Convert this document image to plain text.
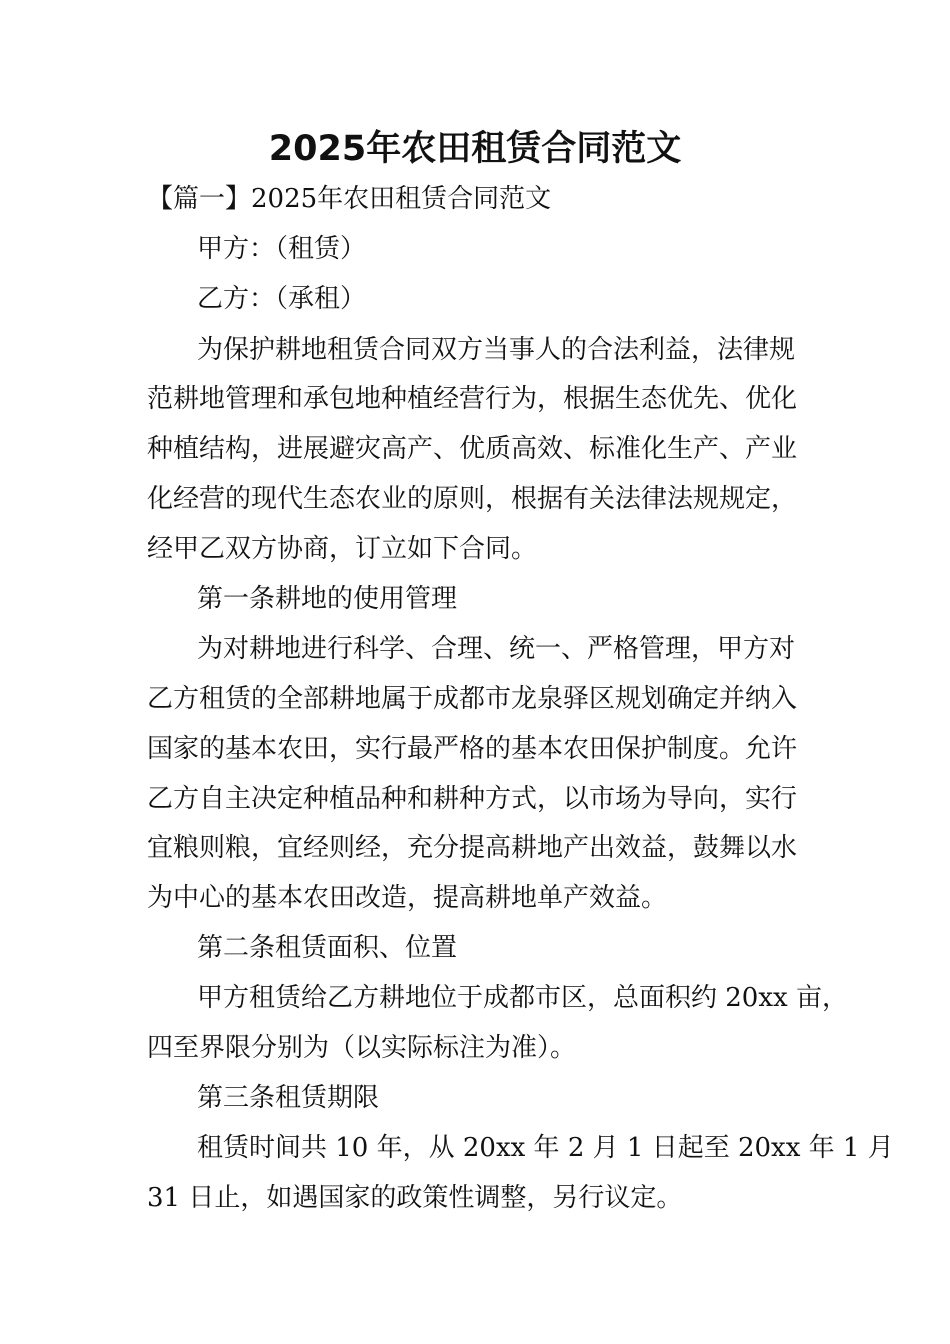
2025年农田租赁合同范文
【篇一】2025年农田租赁合同范文
甲方：（租赁）
乙方：（承租）
为保护耕地租赁合同双方当事人的合法利益，法律规
范耕地管理和承包地种植经营行为，根据生态优先、优化
种植结构，进展避灾高产、优质高效、标准化生产、产业
化经营的现代生态农业的原则，根据有关法律法规规定，
经甲乙双方协商，订立如下合同。
第一条耕地的使用管理
为对耕地进行科学、合理、统一、严格管理，甲方对
乙方租赁的全部耕地属于成都市龙泉驿区规划确定并纳入
国家的基本农田，实行最严格的基本农田保护制度。允许
乙方自主决定种植品种和耕种方式，以市场为导向，实行
宜粮则粮，宜经则经，充分提高耕地产出效益，鼓舞以水
为中心的基本农田改造，提高耕地单产效益。
第二条租赁面积、位置
甲方租赁给乙方耕地位于成都市区，总面积约 20xx 亩，
四至界限分别为（以实际标注为准）。
第三条租赁期限
租赁时间共 10 年，从 20xx 年 2 月 1 日起至 20xx 年 1 月
31 日止，如遇国家的政策性调整，另行议定。
